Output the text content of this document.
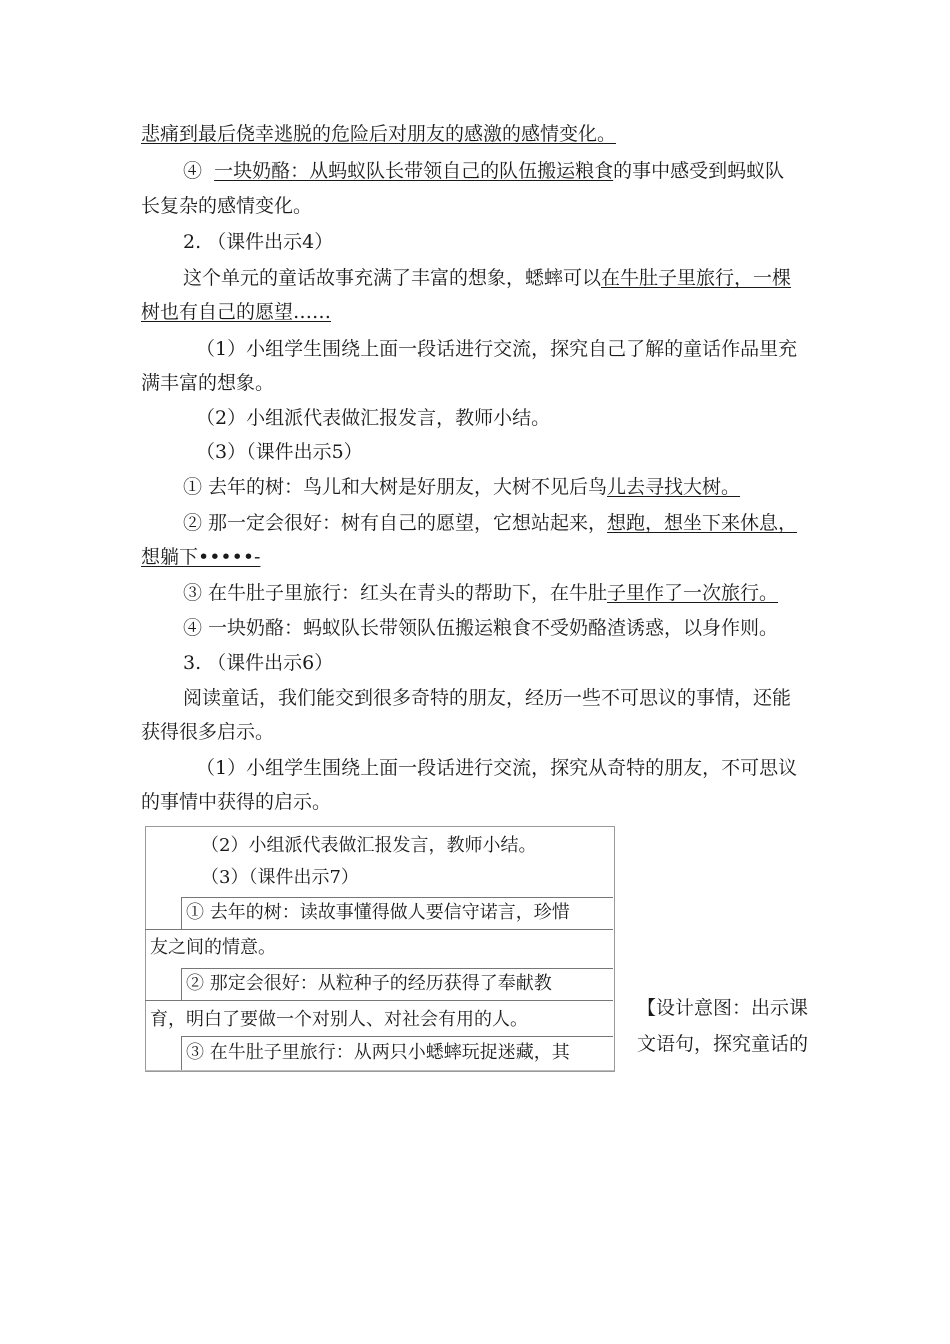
悲痛到最后侥幸逃脱的危险后对朋友的感激的感情变化。
④ 一块奶酪：从蚂蚁队长带领自己的队伍搬运粮食的事中感受到蚂蚁队
长复杂的感情变化。
2. （课件出示4）
这个单元的童话故事充满了丰富的想象，蟋蟀可以在牛肚子里旅行，一棵
树也有自己的愿望……
（1）小组学生围绕上面一段话进行交流，探究自己了解的童话作品里充
满丰富的想象。
（2）小组派代表做汇报发言，教师小结。
（3）（课件出示5）
① 去年的树：鸟儿和大树是好朋友，大树不见后鸟儿去寻找大树。
② 那一定会很好：树有自己的愿望，它想站起来，想跑，想坐下来休息，
想躺下•••••-
③ 在牛肚子里旅行：红头在青头的帮助下，在牛肚子里作了一次旅行。
④ 一块奶酪：蚂蚁队长带领队伍搬运粮食不受奶酪渣诱惑，以身作则。
3. （课件出示6）
阅读童话，我们能交到很多奇特的朋友，经历一些不可思议的事情，还能
获得很多启示。
（1）小组学生围绕上面一段话进行交流，探究从奇特的朋友，不可思议
的事情中获得的启示。
（2）小组派代表做汇报发言，教师小结。
（3）（课件出示7）
① 去年的树：读故事懂得做人要信守诺言，珍惜
友之间的情意。
② 那定会很好：从粒种子的经历获得了奉献教
育，明白了要做一个对别人、对社会有用的人。
③ 在牛肚子里旅行：从两只小蟋蟀玩捉迷藏，其
【设计意图：出示课
文语句，探究童话的
